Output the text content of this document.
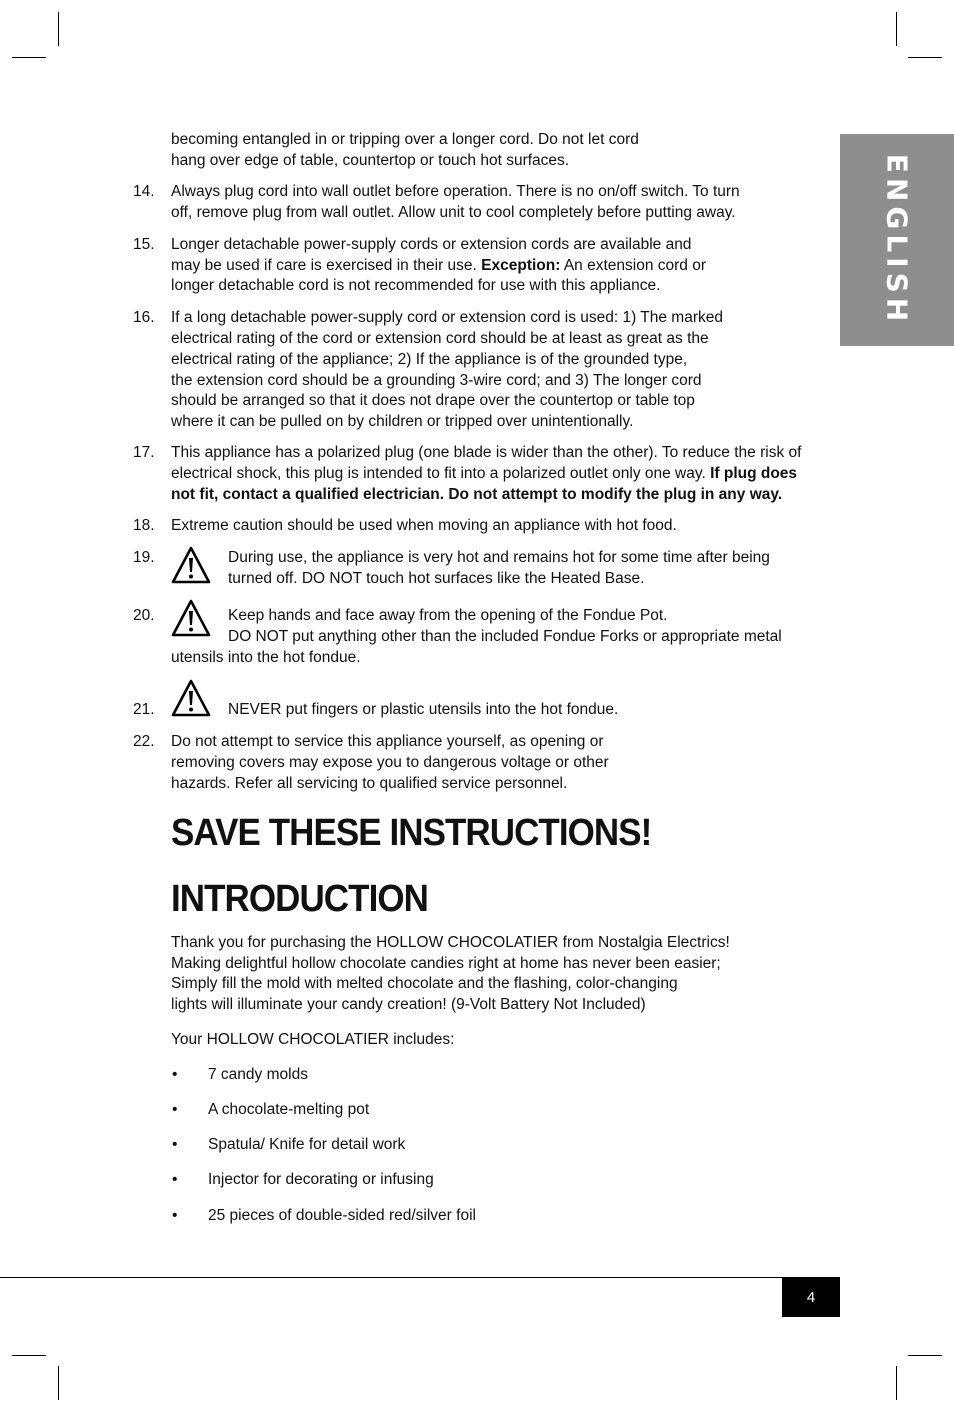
ENGLISH
becoming entangled in or tripping over a longer cord. Do not let cord
hang over edge of table, countertop or touch hot surfaces.
14. Always plug cord into wall outlet before operation. There is no on/off switch. To turn
off, remove plug from wall outlet. Allow unit to cool completely before putting away.
15. Longer detachable power-supply cords or extension cords are available and
may be used if care is exercised in their use. Exception: An extension cord or
longer detachable cord is not recommended for use with this appliance.
16. If a long detachable power-supply cord or extension cord is used: 1) The marked
electrical rating of the cord or extension cord should be at least as great as the
electrical rating of the appliance; 2) If the appliance is of the grounded type,
the extension cord should be a grounding 3-wire cord; and 3) The longer cord
should be arranged so that it does not drape over the countertop or table top
where it can be pulled on by children or tripped over unintentionally.
17. This appliance has a polarized plug (one blade is wider than the other). To reduce the risk of
electrical shock, this plug is intended to fit into a polarized outlet only one way. If plug does
not fit, contact a qualified electrician. Do not attempt to modify the plug in any way.
18. Extreme caution should be used when moving an appliance with hot food.
19.	During use, the appliance is very hot and remains hot for some time after being
turned off. DO NOT touch hot surfaces like the Heated Base.
20.	Keep hands and face away from the opening of the Fondue Pot.
DO NOT put anything other than the included Fondue Forks or appropriate metal
utensils into the hot fondue.
21.	NEVER put fingers or plastic utensils into the hot fondue.
22. Do not attempt to service this appliance yourself, as opening or
removing covers may expose you to dangerous voltage or other
hazards. Refer all servicing to qualified service personnel.
SAVE THESE INSTRUCTIONS!
INTRODUCTION
Thank you for purchasing the HOLLOW CHOCOLATIER from Nostalgia Electrics!
Making delightful hollow chocolate candies right at home has never been easier;
Simply fill the mold with melted chocolate and the flashing, color-changing
lights will illuminate your candy creation! (9-Volt Battery Not Included)
Your HOLLOW CHOCOLATIER includes:
• 7 candy molds
• A chocolate-melting pot
• Spatula/ Knife for detail work
• Injector for decorating or infusing
• 25 pieces of double-sided red/silver foil
4
